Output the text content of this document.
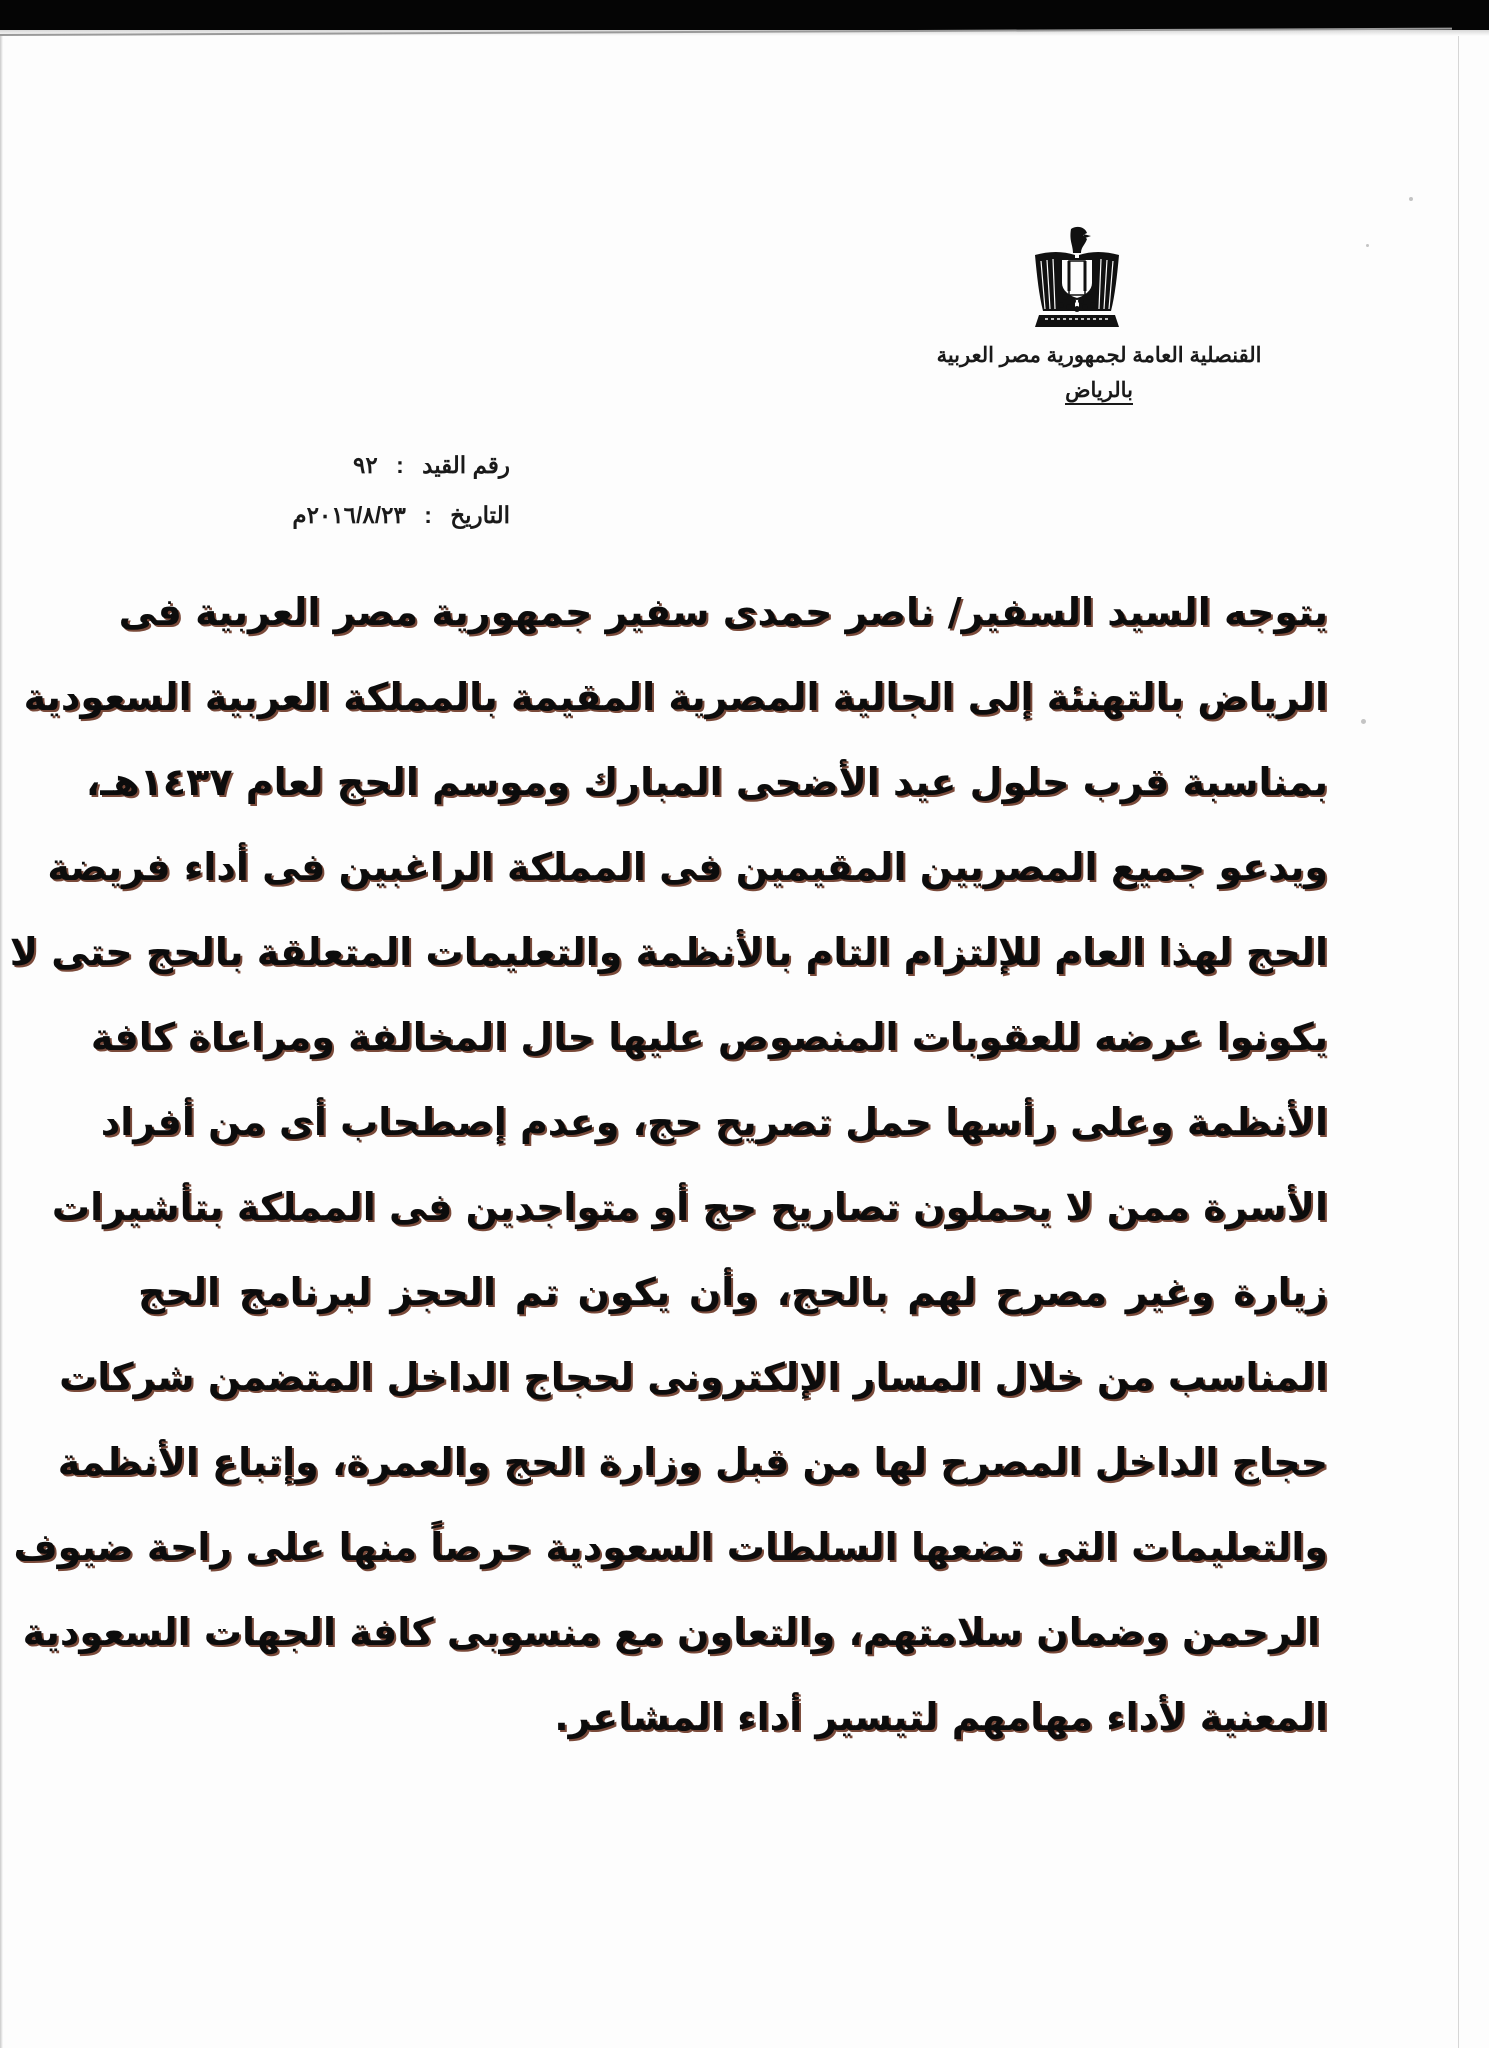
القنصلية العامة لجمهورية مصر العربية
بالرياض
رقم القيد : ٩٢
التاريخ : ٢٠١٦/٨/٢٣م
يتوجه السيد السفير/ ناصر حمدى سفير جمهورية مصر العربية فى
الرياض بالتهنئة إلى الجالية المصرية المقيمة بالمملكة العربية السعودية
بمناسبة قرب حلول عيد الأضحى المبارك وموسم الحج لعام ١٤٣٧هـ،
ويدعو جميع المصريين المقيمين فى المملكة الراغبين فى أداء فريضة
الحج لهذا العام للإلتزام التام بالأنظمة والتعليمات المتعلقة بالحج حتى لا
يكونوا عرضه للعقوبات المنصوص عليها حال المخالفة ومراعاة كافة
الأنظمة وعلى رأسها حمل تصريح حج، وعدم إصطحاب أى من أفراد
الأسرة ممن لا يحملون تصاريح حج أو متواجدين فى المملكة بتأشيرات
زيارة وغير مصرح لهم بالحج، وأن يكون تم الحجز لبرنامج الحج
المناسب من خلال المسار الإلكترونى لحجاج الداخل المتضمن شركات
حجاج الداخل المصرح لها من قبل وزارة الحج والعمرة، وإتباع الأنظمة
والتعليمات التى تضعها السلطات السعودية حرصاً منها على راحة ضيوف
الرحمن وضمان سلامتهم، والتعاون مع منسوبى كافة الجهات السعودية
المعنية لأداء مهامهم لتيسير أداء المشاعر.
